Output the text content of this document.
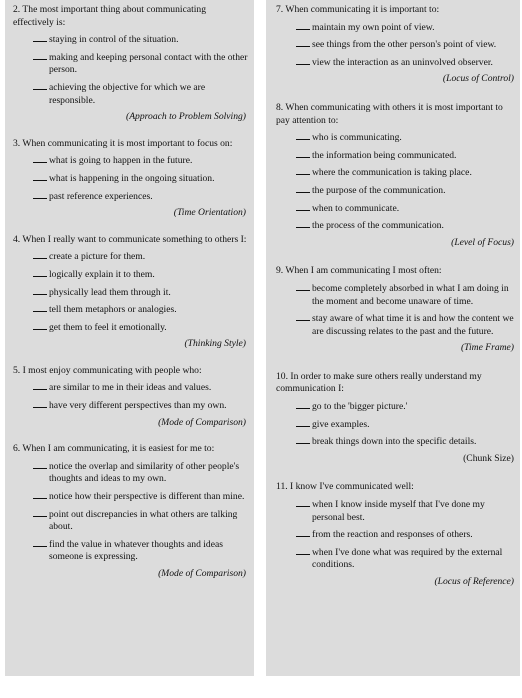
2. The most important thing about communicating effectively is:

staying in control of the situation.

making and keeping personal contact with the other person.

achieving the objective for which we are responsible.

(Approach to Problem Solving)

3. When communicating it is most important to focus on:

what is going to happen in the future.

what is happening in the ongoing situation.

past reference experiences.

(Time Orientation)

4. When I really want to communicate something to others I:

create a picture for them.

logically explain it to them.

physically lead them through it.

tell them metaphors or analogies.

get them to feel it emotionally.

(Thinking Style)

5. I most enjoy communicating with people who:

are similar to me in their ideas and values.

have very different perspectives than my own.

(Mode of Comparison)

6. When I am communicating, it is easiest for me to:

notice the overlap and similarity of other people's thoughts and ideas to my own.

notice how their perspective is different than mine.

point out discrepancies in what others are talking about.

find the value in whatever thoughts and ideas someone is expressing.

(Mode of Comparison)

7. When communicating it is important to:

maintain my own point of view.

see things from the other person's point of view.

view the interaction as an uninvolved observer.

(Locus of Control)

8. When communicating with others it is most important to pay attention to:

who is communicating.

the information being communicated.

where the communication is taking place.

the purpose of the communication.

when to communicate.

the process of the communication.

(Level of Focus)

9. When I am communicating I most often:

become completely absorbed in what I am doing in the moment and become unaware of time.

stay aware of what time it is and how the content we are discussing relates to the past and the future.

(Time Frame)

10. In order to make sure others really understand my communication I:

go to the 'bigger picture.'

give examples.

break things down into the specific details.

(Chunk Size)

11. I know I've communicated well:

when I know inside myself that I've done my personal best.

from the reaction and responses of others.

when I've done what was required by the external conditions.

(Locus of Reference)
